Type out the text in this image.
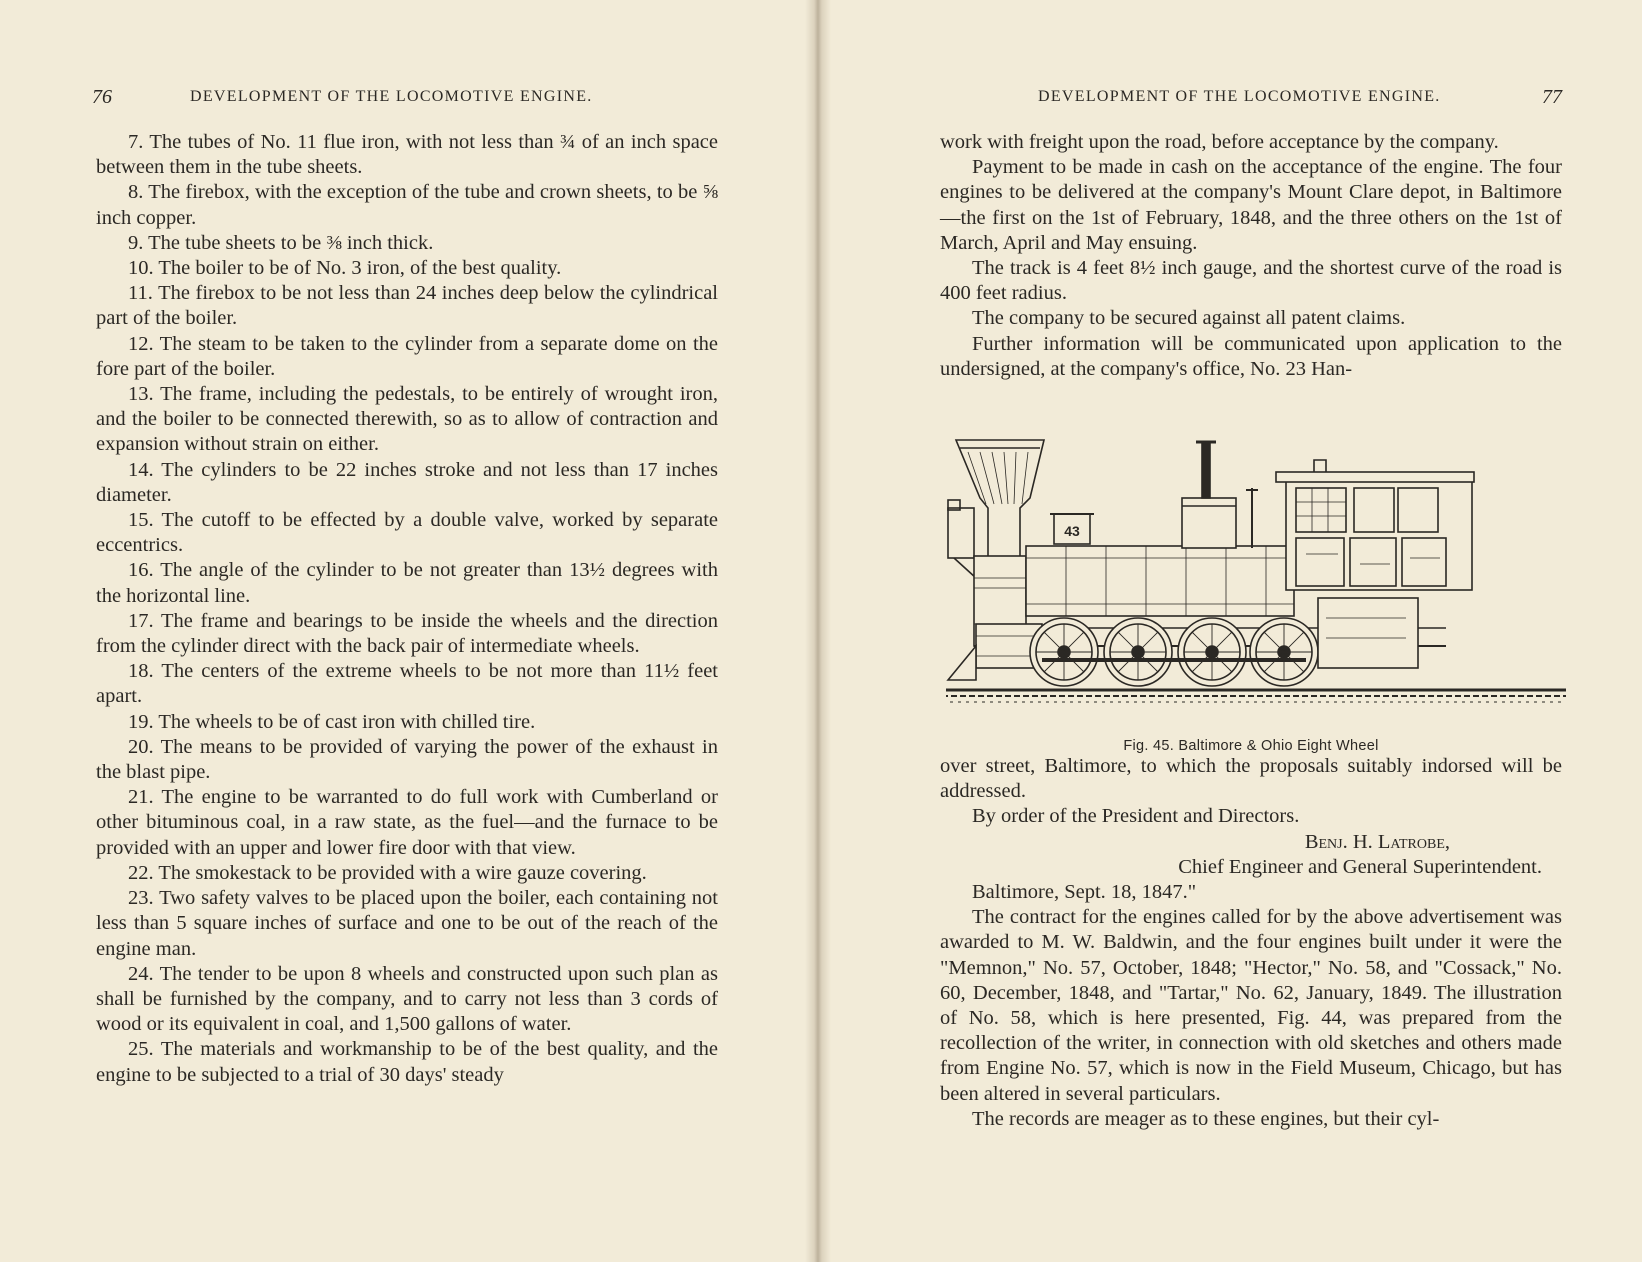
76	DEVELOPMENT OF THE LOCOMOTIVE ENGINE.

7. The tubes of No. 11 flue iron, with not less than ¾ of an inch space between them in the tube sheets.

8. The firebox, with the exception of the tube and crown sheets, to be ⅝ inch copper.

9. The tube sheets to be ⅜ inch thick.

10. The boiler to be of No. 3 iron, of the best quality.

11. The firebox to be not less than 24 inches deep below the cylindrical part of the boiler.

12. The steam to be taken to the cylinder from a separate dome on the fore part of the boiler.

13. The frame, including the pedestals, to be entirely of wrought iron, and the boiler to be connected therewith, so as to allow of contraction and expansion without strain on either.

14. The cylinders to be 22 inches stroke and not less than 17 inches diameter.

15. The cutoff to be effected by a double valve, worked by separate eccentrics.

16. The angle of the cylinder to be not greater than 13½ degrees with the horizontal line.

17. The frame and bearings to be inside the wheels and the direction from the cylinder direct with the back pair of intermediate wheels.

18. The centers of the extreme wheels to be not more than 11½ feet apart.

19. The wheels to be of cast iron with chilled tire.

20. The means to be provided of varying the power of the exhaust in the blast pipe.

21. The engine to be warranted to do full work with Cumberland or other bituminous coal, in a raw state, as the fuel—and the furnace to be provided with an upper and lower fire door with that view.

22. The smokestack to be provided with a wire gauze covering.

23. Two safety valves to be placed upon the boiler, each containing not less than 5 square inches of surface and one to be out of the reach of the engine man.

24. The tender to be upon 8 wheels and constructed upon such plan as shall be furnished by the company, and to carry not less than 3 cords of wood or its equivalent in coal, and 1,500 gallons of water.

25. The materials and workmanship to be of the best quality, and the engine to be subjected to a trial of 30 days' steady

DEVELOPMENT OF THE LOCOMOTIVE ENGINE.	77

work with freight upon the road, before acceptance by the company.

Payment to be made in cash on the acceptance of the engine. The four engines to be delivered at the company's Mount Clare depot, in Baltimore—the first on the 1st of February, 1848, and the three others on the 1st of March, April and May ensuing.

The track is 4 feet 8½ inch gauge, and the shortest curve of the road is 400 feet radius.

The company to be secured against all patent claims.

Further information will be communicated upon application to the undersigned, at the company's office, No. 23 Han-

43
Fig. 45. Baltimore & Ohio Eight Wheel

over street, Baltimore, to which the proposals suitably indorsed will be addressed.

By order of the President and Directors.

Benj. H. Latrobe,

Chief Engineer and General Superintendent.

Baltimore, Sept. 18, 1847."

The contract for the engines called for by the above advertisement was awarded to M. W. Baldwin, and the four engines built under it were the "Memnon," No. 57, October, 1848; "Hector," No. 58, and "Cossack," No. 60, December, 1848, and "Tartar," No. 62, January, 1849. The illustration of No. 58, which is here presented, Fig. 44, was prepared from the recollection of the writer, in connection with old sketches and others made from Engine No. 57, which is now in the Field Museum, Chicago, but has been altered in several particulars.

The records are meager as to these engines, but their cyl-
